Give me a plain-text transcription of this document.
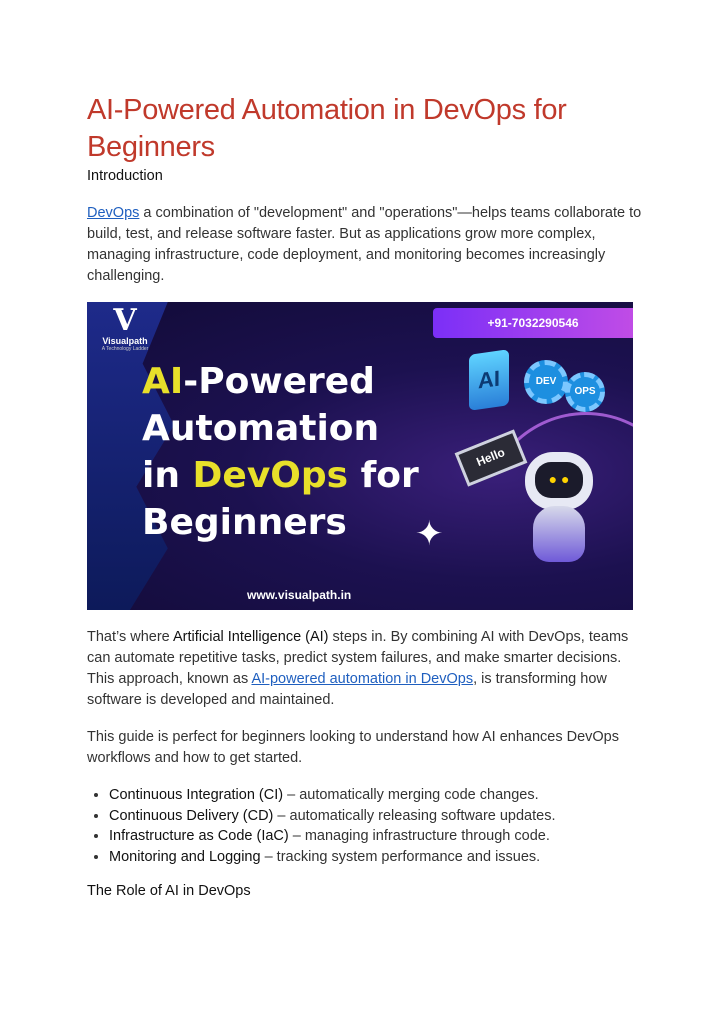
AI-Powered Automation in DevOps for Beginners
Introduction

DevOps a combination of "development" and "operations"—helps teams collaborate to build, test, and release software faster. But as applications grow more complex, managing infrastructure, code deployment, and monitoring becomes increasingly challenging.

V
Visualpath
A Technology Ladder
+91-7032290546
AI-Powered
Automation
in DevOps for
Beginners
AI	DEV
OPS
Hello
● ●
✦
www.visualpath.in

That’s where Artificial Intelligence (AI) steps in. By combining AI with DevOps, teams can automate repetitive tasks, predict system failures, and make smarter decisions. This approach, known as AI-powered automation in DevOps, is transforming how software is developed and maintained.

This guide is perfect for beginners looking to understand how AI enhances DevOps workflows and how to get started.

• Continuous Integration (CI) – automatically merging code changes.
• Continuous Delivery (CD) – automatically releasing software updates.
• Infrastructure as Code (IaC) – managing infrastructure through code.
• Monitoring and Logging – tracking system performance and issues.
The Role of AI in DevOps
